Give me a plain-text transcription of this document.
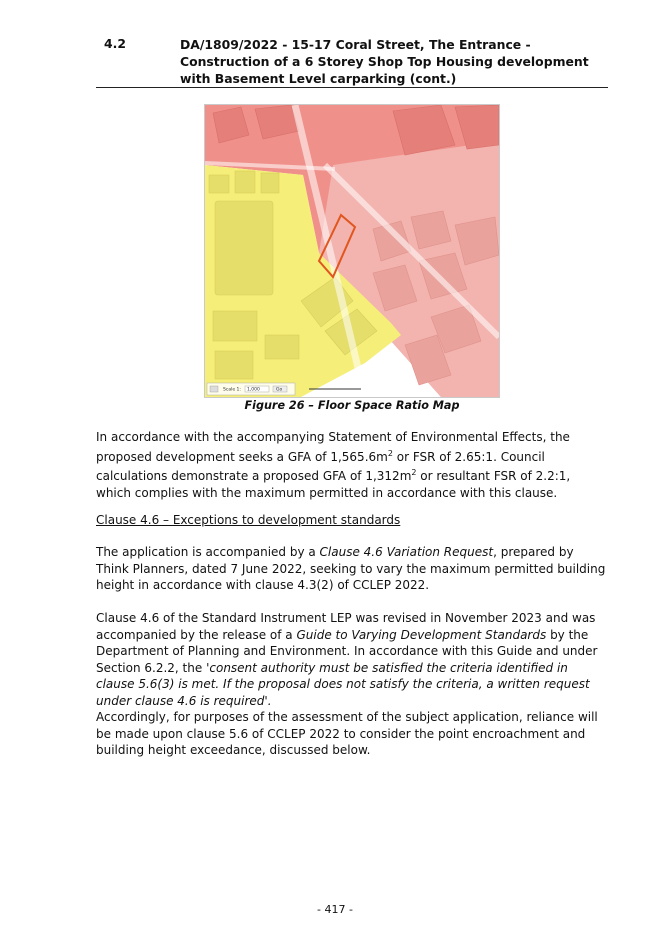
4.2	DA/1809/2022 - 15-17 Coral Street, The Entrance - Construction of a 6 Storey Shop Top Housing development with Basement Level carparking (cont.)
Scale 1: 1,000	Go
Figure 26 – Floor Space Ratio Map

In accordance with the accompanying Statement of Environmental Effects, the proposed development seeks a GFA of $1,565.6m^2$ or FSR of 2.65:1. Council calculations demonstrate a proposed GFA of $1,312m^2$ or resultant FSR of 2.2:1, which complies with the maximum permitted in accordance with this clause.

Clause 4.6 – Exceptions to development standards

The application is accompanied by a Clause 4.6 Variation Request, prepared by Think Planners, dated 7 June 2022, seeking to vary the maximum permitted building height in accordance with clause 4.3(2) of CCLEP 2022.

Clause 4.6 of the Standard Instrument LEP was revised in November 2023 and was accompanied by the release of a Guide to Varying Development Standards by the Department of Planning and Environment. In accordance with this Guide and under Section 6.2.2, the 'consent authority must be satisfied the criteria identified in clause 5.6(3) is met. If the proposal does not satisfy the criteria, a written request under clause 4.6 is required'.

Accordingly, for purposes of the assessment of the subject application, reliance will be made upon clause 5.6 of CCLEP 2022 to consider the point encroachment and building height exceedance, discussed below.

- 417 -
